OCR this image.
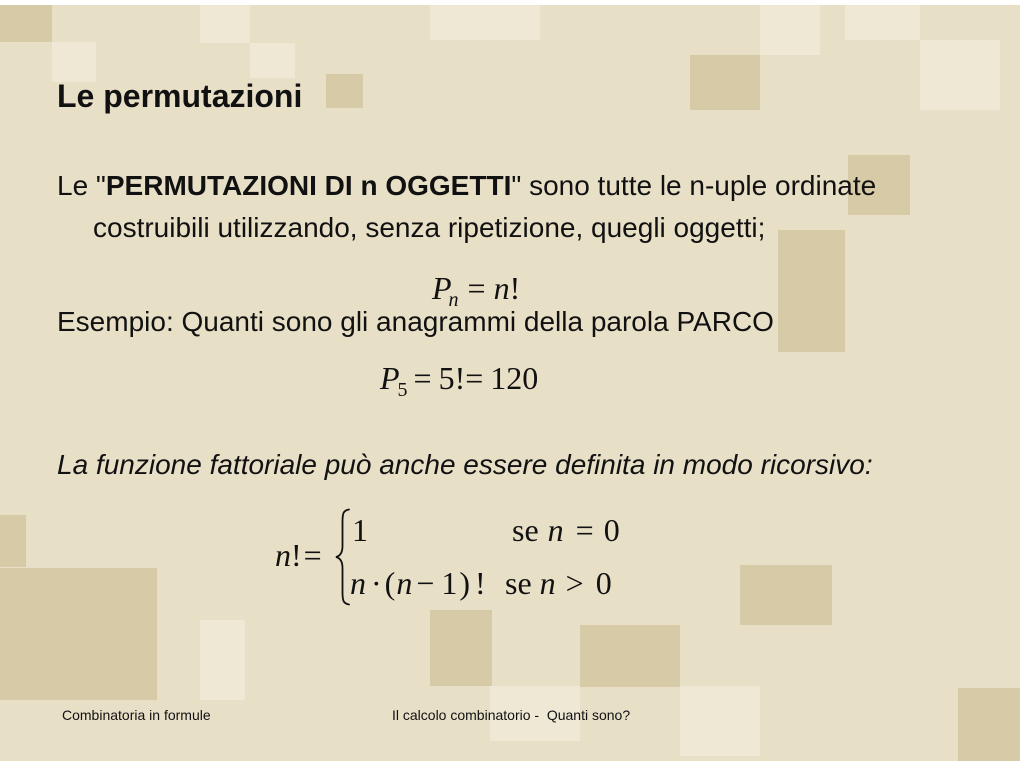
Le permutazioni
Le "PERMUTAZIONI DI n OGGETTI" sono tutte le n-uple ordinate
costruibili utilizzando, senza ripetizione, quegli oggetti;
$P_n = n$!
Esempio: Quanti sono gli anagrammi della parola PARCO
$P_5 = 5!= 120$
La funzione fattoriale può anche essere definita in modo ricorsivo:
n!=
1	se n = 0
n ·(n − 1) ! se n > 0
Combinatoria in formule	Il calcolo combinatorio -  Quanti sono?
